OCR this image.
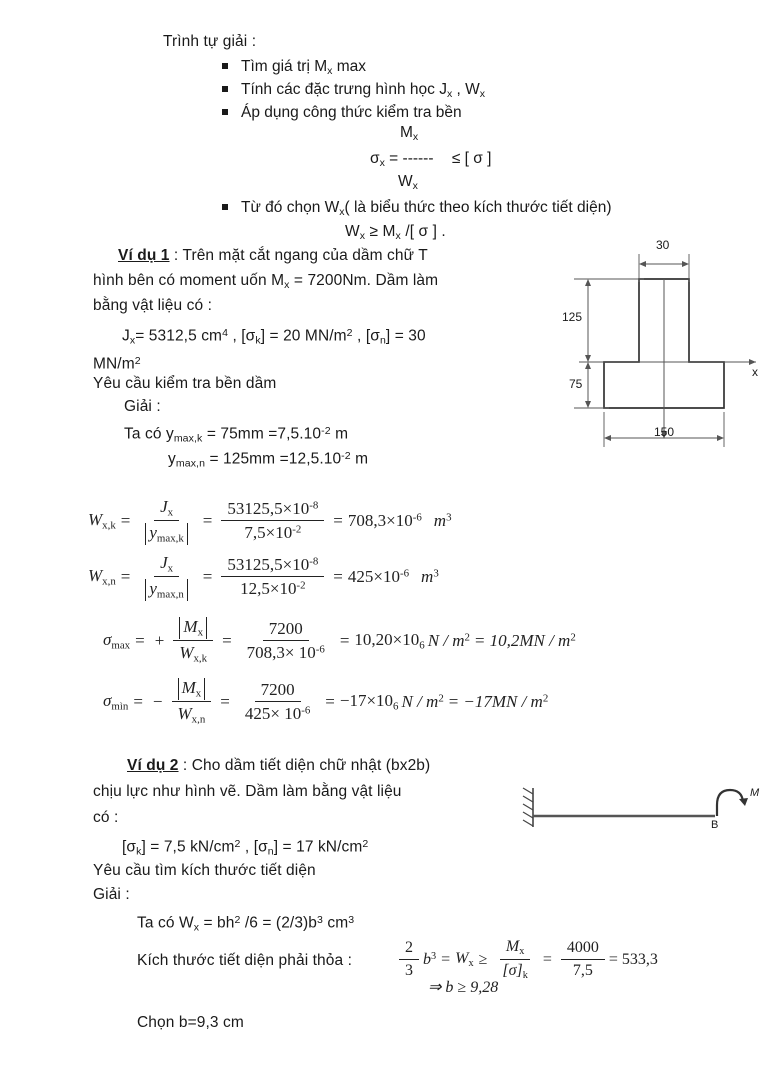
Trình tự giải :
Tìm giá trị $M_x$ max
Tính các đặc trưng hình học $J_x$ , $W_x$
Áp dụng công thức kiểm tra bền
$M_x$
$\sigma_x$ = ------ ≤ [ σ ]
$W_x$
Từ đó chọn $W_x$( là biểu thức theo kích thước tiết diện)
$W_x \ge M_x$ /[ σ ] .
Ví dụ 1 : Trên mặt cắt ngang của dầm chữ T
hình bên có moment uốn $M_x = 7200Nm$. Dầm làm
bằng vật liệu có :
$J_x= 5312,5$ $cm^4$ , $[\sigma_k] = 20$ $MN/m^2$ , $[\sigma_n] = 30$
$MN/m^2$
Yêu cầu kiểm tra bền dầm
Giải :
Ta có $y_{max,k} = 75mm =7,5.10^{-2}$ m
$y_{max,n} = 125mm =12,5.10^{-2}$ m
30
125
75
150
x
$W_{x,k} = \frac{J_x}{y_{max,k}} = \frac{53125,5\times 10^{-8}}{7,5\times 10^{-2}} = 708,3\times 10^{-6}$ $m^3$
$W_{x,n} = \frac{J_x}{y_{max,n}} = \frac{53125,5\times 10^{-8}}{12,5\times 10^{-2}} = 425\times 10^{-6}$ $m^3$
$\sigma_{max}$ = + $\frac{M_x}{W_{x,k}} = \frac{7200}{708,3\times 10^{-6}} = 10,20\times 10_6$ $N / m^2 = 10,2MN / m^2$
$\sigma_{mìn}$ = − $\frac{M_x}{W_{x,n}} = \frac{7200}{425\times 10^{-6}} = -17\times 10_6$ $N / m^2 = -17MN / m^2$
Ví dụ 2 : Cho dầm tiết diện chữ nhật (bx2b)
chịu lực như hình vẽ. Dầm làm bằng vật liệu
có :
$[\sigma_k] = 7,5$ $kN/cm^2$ , $[\sigma_n] = 17$ $kN/cm^2$
Yêu cầu tìm kích thước tiết diện
Giải :
Ta có $W_x = bh^2$ $/6 = (2/3)b^3$ $cm^3$
Kích thước tiết diện phải thỏa :	$\frac{2}{3} b^3 = W_x \ge \frac{M_x}{[\sigma]_k} = \frac{4000}{7,5} = 533,3$
⇒ b ≥ 9,28
Chọn b=9,3 cm
B
M
